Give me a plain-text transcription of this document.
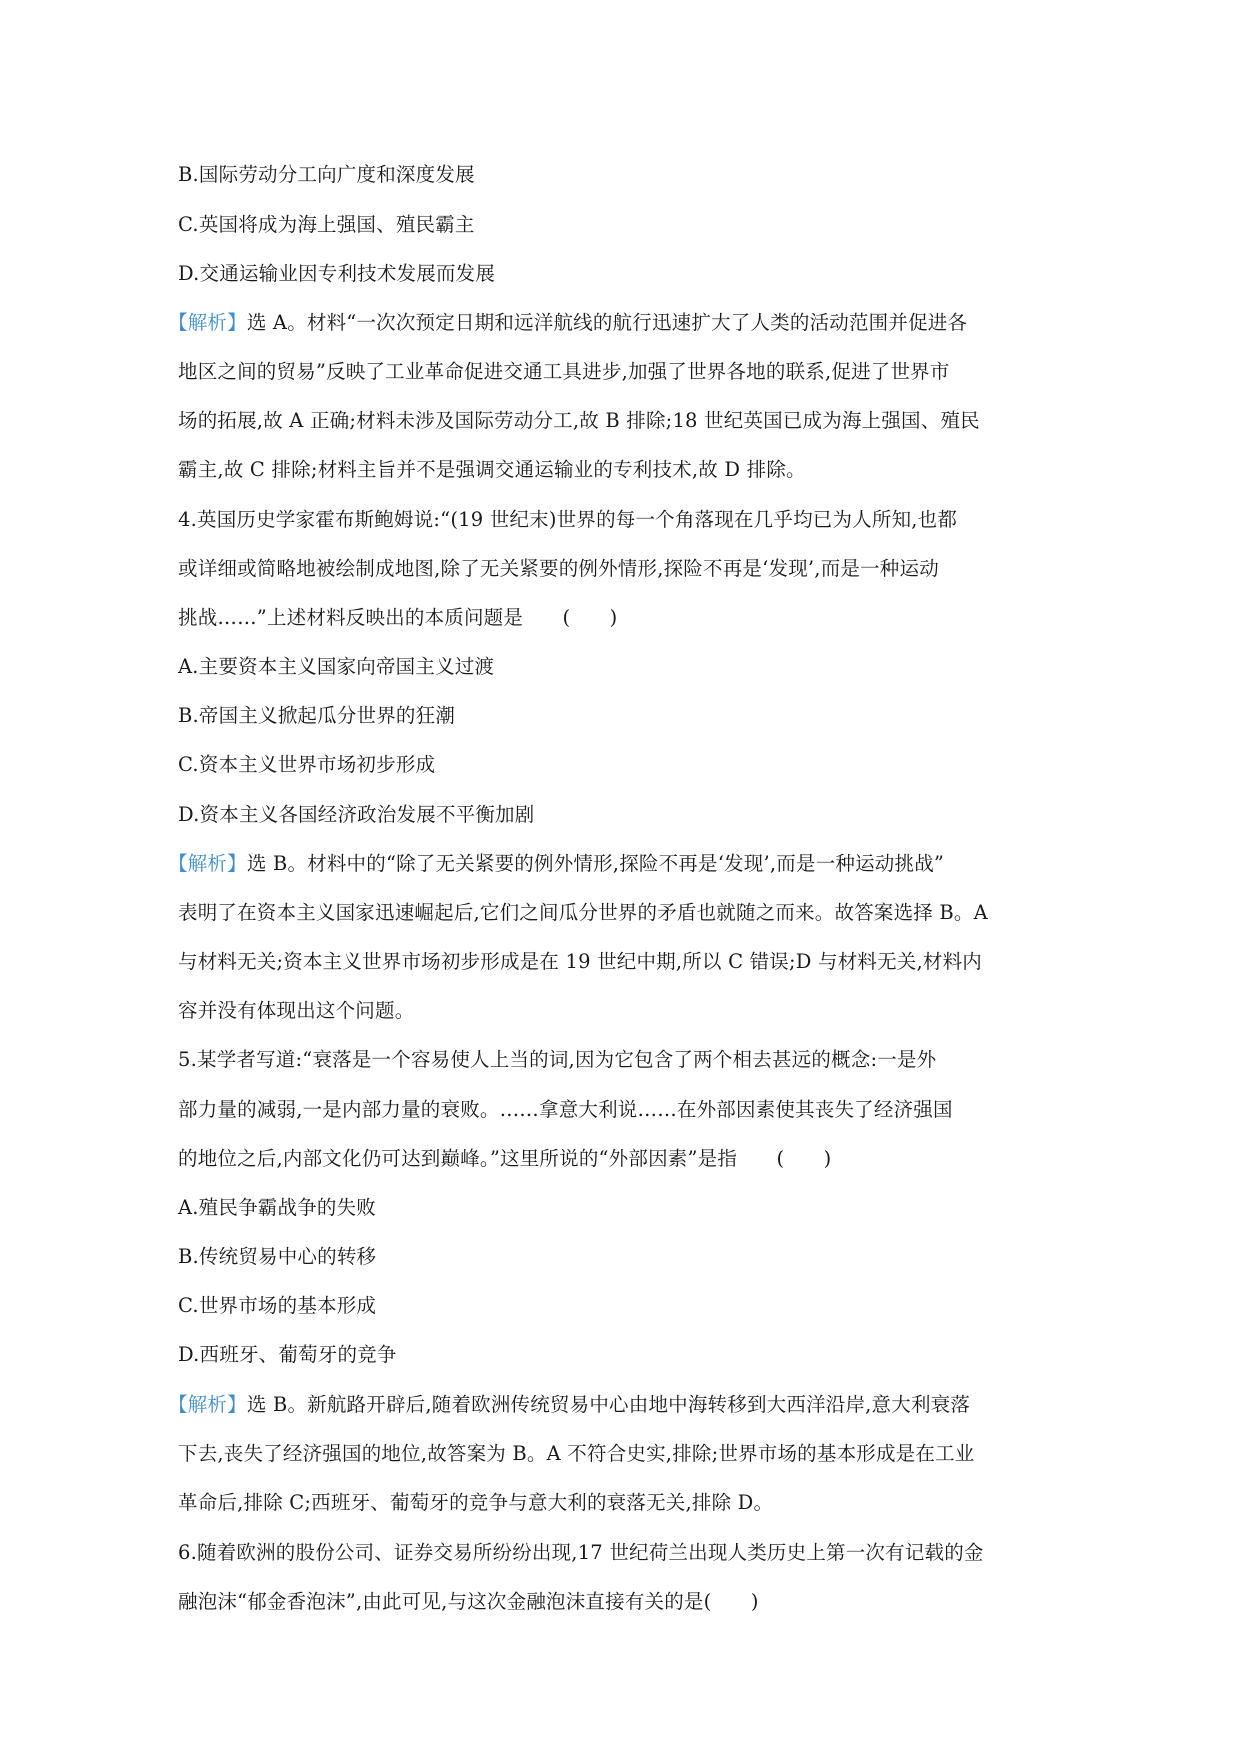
B.国际劳动分工向广度和深度发展
C.英国将成为海上强国、殖民霸主
D.交通运输业因专利技术发展而发展
【解析】选 A。材料“一次次预定日期和远洋航线的航行迅速扩大了人类的活动范围并促进各
地区之间的贸易”反映了工业革命促进交通工具进步,加强了世界各地的联系,促进了世界市
场的拓展,故 A 正确;材料未涉及国际劳动分工,故 B 排除;18 世纪英国已成为海上强国、殖民
霸主,故 C 排除;材料主旨并不是强调交通运输业的专利技术,故 D 排除。
4.英国历史学家霍布斯鲍姆说:“(19 世纪末)世界的每一个角落现在几乎均已为人所知,也都
或详细或简略地被绘制成地图,除了无关紧要的例外情形,探险不再是‘发现’,而是一种运动
挑战……”上述材料反映出的本质问题是　　(　　)
A.主要资本主义国家向帝国主义过渡
B.帝国主义掀起瓜分世界的狂潮
C.资本主义世界市场初步形成
D.资本主义各国经济政治发展不平衡加剧
【解析】选 B。材料中的“除了无关紧要的例外情形,探险不再是‘发现’,而是一种运动挑战”
表明了在资本主义国家迅速崛起后,它们之间瓜分世界的矛盾也就随之而来。故答案选择 B。A
与材料无关;资本主义世界市场初步形成是在 19 世纪中期,所以 C 错误;D 与材料无关,材料内
容并没有体现出这个问题。
5.某学者写道:“衰落是一个容易使人上当的词,因为它包含了两个相去甚远的概念:一是外
部力量的减弱,一是内部力量的衰败。……拿意大利说……在外部因素使其丧失了经济强国
的地位之后,内部文化仍可达到巅峰。”这里所说的“外部因素”是指　　(　　)
A.殖民争霸战争的失败
B.传统贸易中心的转移
C.世界市场的基本形成
D.西班牙、葡萄牙的竞争
【解析】选 B。新航路开辟后,随着欧洲传统贸易中心由地中海转移到大西洋沿岸,意大利衰落
下去,丧失了经济强国的地位,故答案为 B。A 不符合史实,排除;世界市场的基本形成是在工业
革命后,排除 C;西班牙、葡萄牙的竞争与意大利的衰落无关,排除 D。
6.随着欧洲的股份公司、证券交易所纷纷出现,17 世纪荷兰出现人类历史上第一次有记载的金
融泡沫“郁金香泡沫”,由此可见,与这次金融泡沫直接有关的是(　　)
